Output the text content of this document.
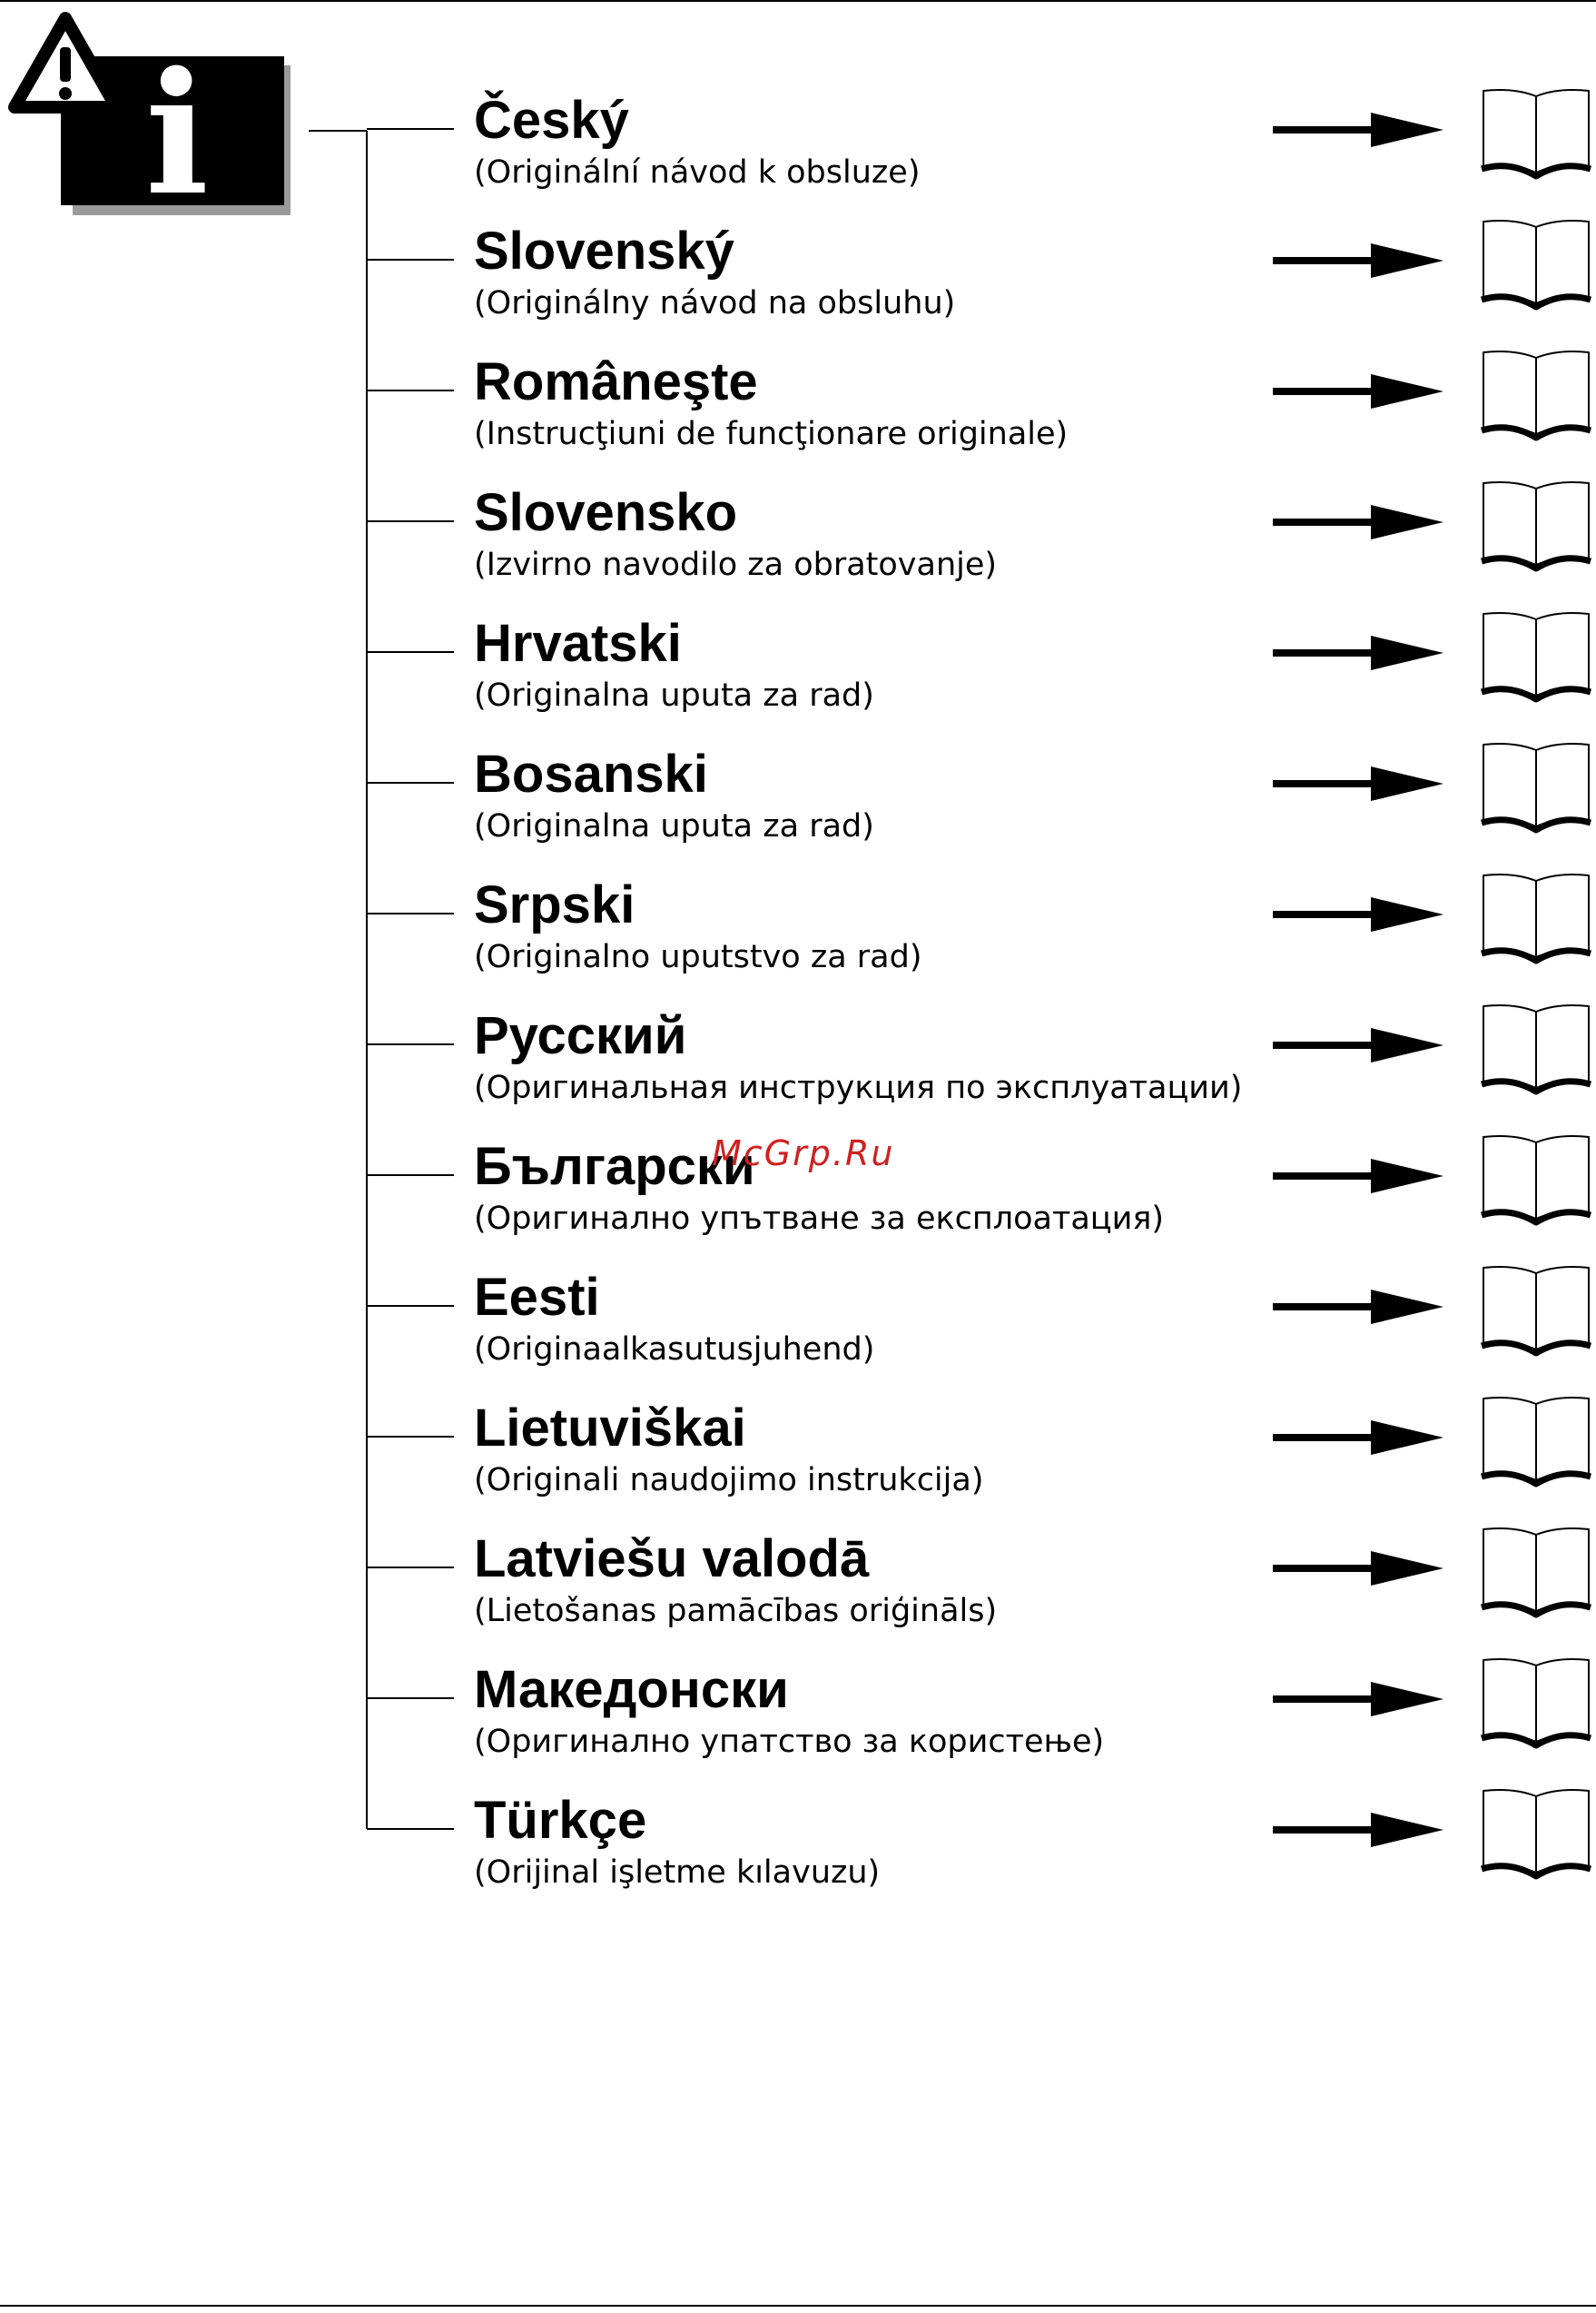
i	Český
(Originální návod k obsluze)
Slovenský
(Originálny návod na obsluhu)
Româneşte
(Instrucţiuni de funcţionare originale)
Slovensko
(Izvirno navodilo za obratovanje)
Hrvatski
(Originalna uputa za rad)
Bosanski
(Originalna uputa za rad)
Srpski
(Originalno uputstvo za rad)
Русский
(Оригинальная инструкция по эксплуатации)
Български
(Оригинално упътване за експлоатация)
Eesti
(Originaalkasutusjuhend)
Lietuviškai
(Originali naudojimo instrukcija)
Latviešu valodā
(Lietošanas pamācības oriģināls)
Македонски
(Оригинално упатство за користење)
Türkçe
(Orijinal işletme kılavuzu)
McGrp.Ru
